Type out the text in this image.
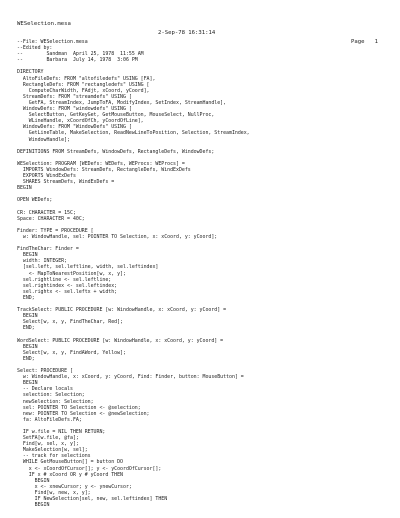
WESelection.mesa

2-Sep-78 16:31:14

Page   1

--File: WESelection.mesa
--Edited by:
--        Sandman  April 25, 1978  11:55 AM
--        Barbara  July 14, 1978  3:06 PM
DIRECTORY
AltoFileDefs: FROM "altofiledefs" USING [FA],
RectangleDefs: FROM "rectangledefs" USING [
ComputeCharWidth, FAdjt, xCoord, yCoord],
StreamDefs: FROM "streamdefs" USING [
GetFA, StreamIndex, JumpToFA, ModifyIndex, SetIndex, StreamHandle],
WindowDefs: FROM "windowdefs" USING [
SelectButton, GetKeyGet, GetMouseButton, MouseSelect, NullProc,
WLineHandle, xCoordOfCh, yCoordOfLine],
WindowDefs: FROM "WindowDefs" USING [
GetLineTable, MakeSelection, ReadNewLineToPosition, Selection, StreamIndex,
WindowHandle];
DEFINITIONS FROM StreamDefs, WindowDefs, RectangleDefs, WindowDefs;
WESelection: PROGRAM [WEDefs: WEDefs, WEProcs: WEProcs] =
IMPORTS WindowDefs: StreamDefs, RectangleDefs, WindExDefs
EXPORTS WindExDefs
SHARES StreamDefs, WindExDefs =
BEGIN
OPEN WEDefs;
CR: CHARACTER = 15C;
Space: CHARACTER = 40C;
Finder: TYPE = PROCEDURE [
w: WindowHandle, sel: POINTER TO Selection, x: xCoord, y: yCoord];
FindTheChar: Finder =
BEGIN
width: INTEGER;
[sel.left, sel.leftline, width, sel.leftindex]
<- MapToNearestPosition[w, x, y];
sel.rightline <- sel.leftline;
sel.rightindex <- sel.leftindex;
sel.rightx <- sel.leftx + width;
END;
TrackSelect: PUBLIC PROCEDURE [w: WindowHandle, x: xCoord, y: yCoord] =
BEGIN
Select[w, x, y, FindTheChar, Red];
END;
WordSelect: PUBLIC PROCEDURE [w: WindowHandle, x: xCoord, y: yCoord] =
BEGIN
Select[w, x, y, FindAWord, Yellow];
END;
Select: PROCEDURE [
w: WindowHandle, x: xCoord, y: yCoord, Find: Finder, button: MouseButton] =
BEGIN
-- Declare locals
selection: Selection;
newSelection: Selection;
sel: POINTER TO Selection <- @selection;
new: POINTER TO Selection <- @newSelection;
fa: AltoFileDefs.FA;
IF w.file = NIL THEN RETURN;
SetFA[w.file, @fa];
Find[w, sel, x, y];
MakeSelection[w, sel];
-- track for selections
WHILE GetMouseButton[] = button DO
x <- xCoordOfCursor[]; y <- yCoordOfCursor[];
IF x # xCoord OR y # yCoord THEN
BEGIN
x <- xnewCursor; y <- ynewCursor;
Find[w, new, x, y];
IF NewSelection[sel, new, sel.leftindex] THEN
BEGIN
